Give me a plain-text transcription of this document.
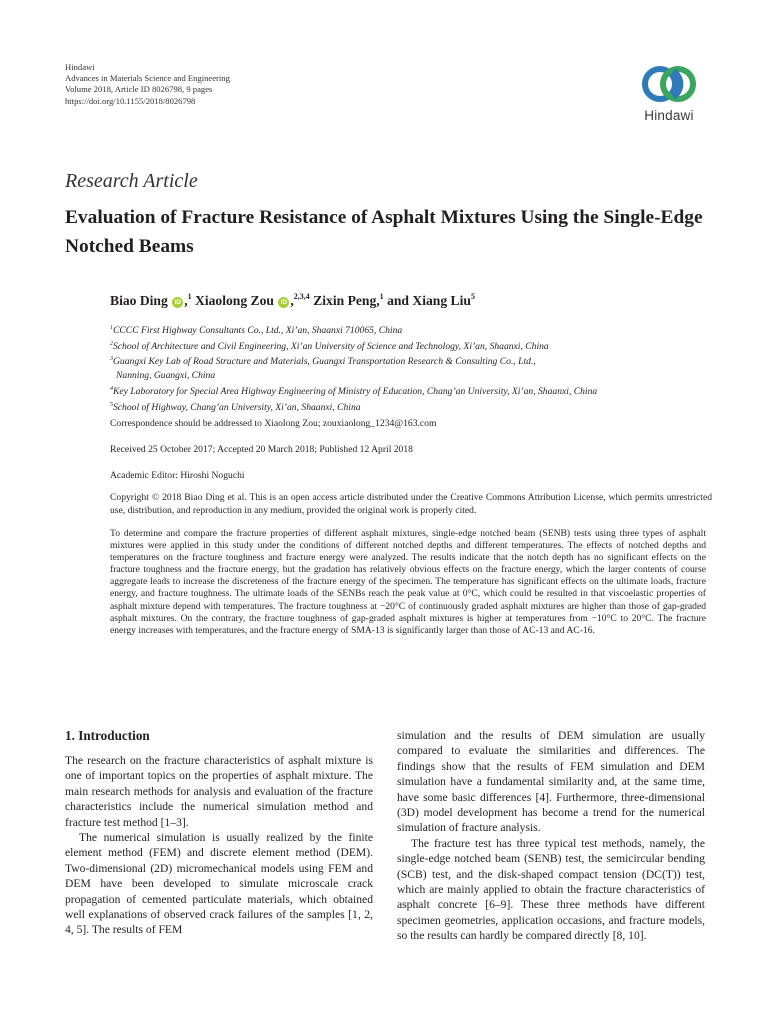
Hindawi
Advances in Materials Science and Engineering
Volume 2018, Article ID 8026798, 9 pages
https://doi.org/10.1155/2018/8026798
Hindawi
Research Article
Evaluation of Fracture Resistance of Asphalt Mixtures Using the Single-Edge Notched Beams
Biao Ding iD ,$^1$ Xiaolong Zou iD ,$^{2,3,4}$ Zixin Peng,$^1$ and Xiang Liu$^5$
$^1$CCCC First Highway Consultants Co., Ltd., Xi’an, Shaanxi 710065, China
$^2$School of Architecture and Civil Engineering, Xi’an University of Science and Technology, Xi’an, Shaanxi, China
$^3$Guangxi Key Lab of Road Structure and Materials, Guangxi Transportation Research & Consulting Co., Ltd.,
Nanning, Guangxi, China
$^4$Key Laboratory for Special Area Highway Engineering of Ministry of Education, Chang’an University, Xi’an, Shaanxi, China
$^5$School of Highway, Chang’an University, Xi’an, Shaanxi, China
Correspondence should be addressed to Xiaolong Zou; zouxiaolong_1234@163.com
Received 25 October 2017; Accepted 20 March 2018; Published 12 April 2018
Academic Editor: Hiroshi Noguchi
Copyright © 2018 Biao Ding et al. This is an open access article distributed under the Creative Commons Attribution License, which permits unrestricted use, distribution, and reproduction in any medium, provided the original work is properly cited.
To determine and compare the fracture properties of different asphalt mixtures, single-edge notched beam (SENB) tests using three types of asphalt mixtures were applied in this study under the conditions of different notched depths and different temperatures. The effects of notched depths and temperatures on the fracture toughness and fracture energy were analyzed. The results indicate that the notch depth has no significant effects on the fracture toughness and the fracture energy, but the gradation has relatively obvious effects on the fracture energy, which the larger contents of course aggregate leads to increase the discreteness of the fracture energy of the specimen. The temperature has significant effects on the ultimate loads, fracture energy, and fracture toughness. The ultimate loads of the SENBs reach the peak value at 0°C, which could be resulted in that viscoelastic properties of asphalt mixture depend with temperatures. The fracture toughness at −20°C of continuously graded asphalt mixtures are higher than those of gap-graded asphalt mixtures. On the contrary, the fracture toughness of gap-graded asphalt mixtures is higher at temperatures from −10°C to 20°C. The fracture energy increases with temperatures, and the fracture energy of SMA-13 is significantly larger than those of AC-13 and AC-16.
1. Introduction

The research on the fracture characteristics of asphalt mixture is one of important topics on the properties of asphalt mixture. The main research methods for analysis and evaluation of the fracture characteristics include the numerical simulation method and fracture test method [1–3].

The numerical simulation is usually realized by the finite element method (FEM) and discrete element method (DEM). Two-dimensional (2D) micromechanical models using FEM and DEM have been developed to simulate microscale crack propagation of cemented particulate materials, which obtained well explanations of observed crack failures of the samples [1, 2, 4, 5]. The results of FEM

simulation and the results of DEM simulation are usually compared to evaluate the similarities and differences. The findings show that the results of FEM simulation and DEM simulation have a fundamental similarity and, at the same time, have some basic differences [4]. Furthermore, three-dimensional (3D) model development has become a trend for the numerical simulation of fracture analysis.

The fracture test has three typical test methods, namely, the single-edge notched beam (SENB) test, the semicircular bending (SCB) test, and the disk-shaped compact tension (DC(T)) test, which are mainly applied to obtain the fracture characteristics of asphalt concrete [6–9]. These three methods have different specimen geometries, application occasions, and fracture models, so the results can hardly be compared directly [8, 10].
